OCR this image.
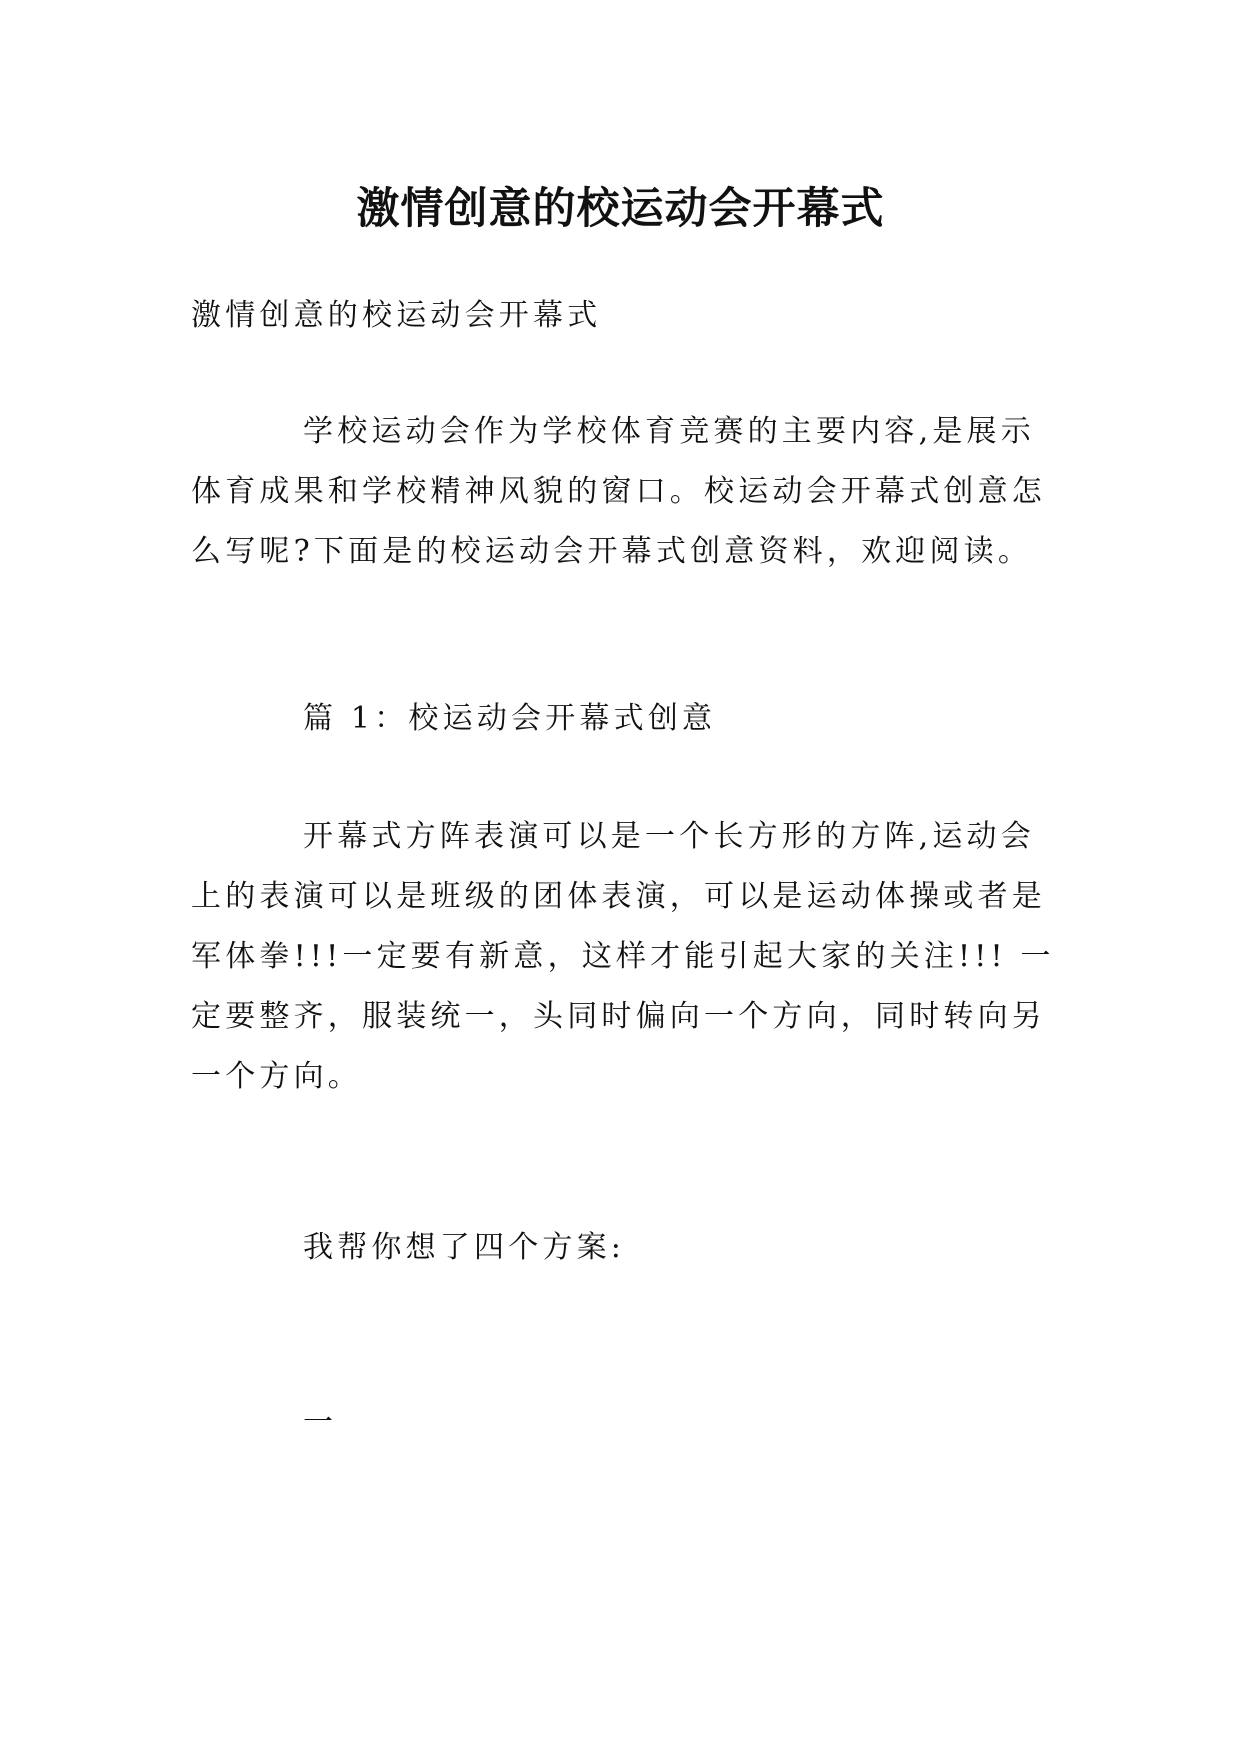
激情创意的校运动会开幕式

激情创意的校运动会开幕式

学校运动会作为学校体育竞赛的主要内容,是展示体育成果和学校精神风貌的窗口。校运动会开幕式创意怎么写呢?下面是的校运动会开幕式创意资料，欢迎阅读。

篇 1：校运动会开幕式创意

开幕式方阵表演可以是一个长方形的方阵,运动会上的表演可以是班级的团体表演，可以是运动体操或者是军体拳!!!一定要有新意，这样才能引起大家的关注!!! 一定要整齐，服装统一，头同时偏向一个方向，同时转向另一个方向。

我帮你想了四个方案:

一
